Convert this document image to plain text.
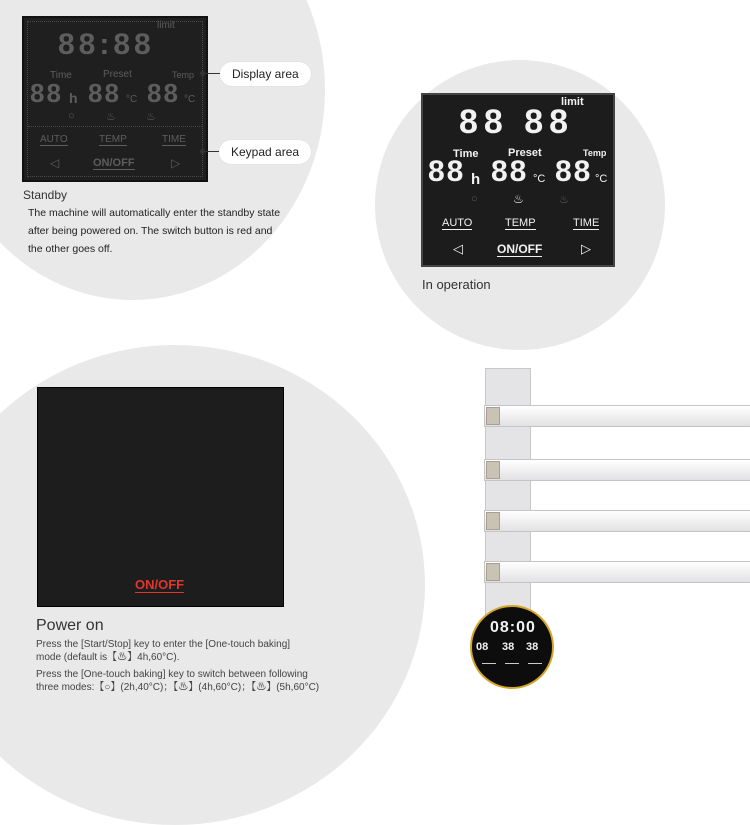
limit
88:88
Time	Preset	Temp
88 h 88 °C 88 °C
○	♨	♨
AUTO	TEMP	TIME
◁	ON/OFF	▷
Display area
Keypad area
Standby
The machine will automatically enter the standby state
after being powered on. The switch button is red and
the other goes off.
limit
88 88
Time	Preset	Temp
88 h 88 °C 88 °C
○	♨	♨
AUTO	TEMP	TIME
◁	ON/OFF	▷
In operation
ON/OFF
Power on
Press the [Start/Stop] key to enter the [One-touch baking]
mode (default is【♨】4h,60°C).
Press the [One-touch baking] key to switch between following
three modes:【○】(2h,40°C)；【♨】(4h,60°C)；【♨】(5h,60°C)
08:00
08 38 38
